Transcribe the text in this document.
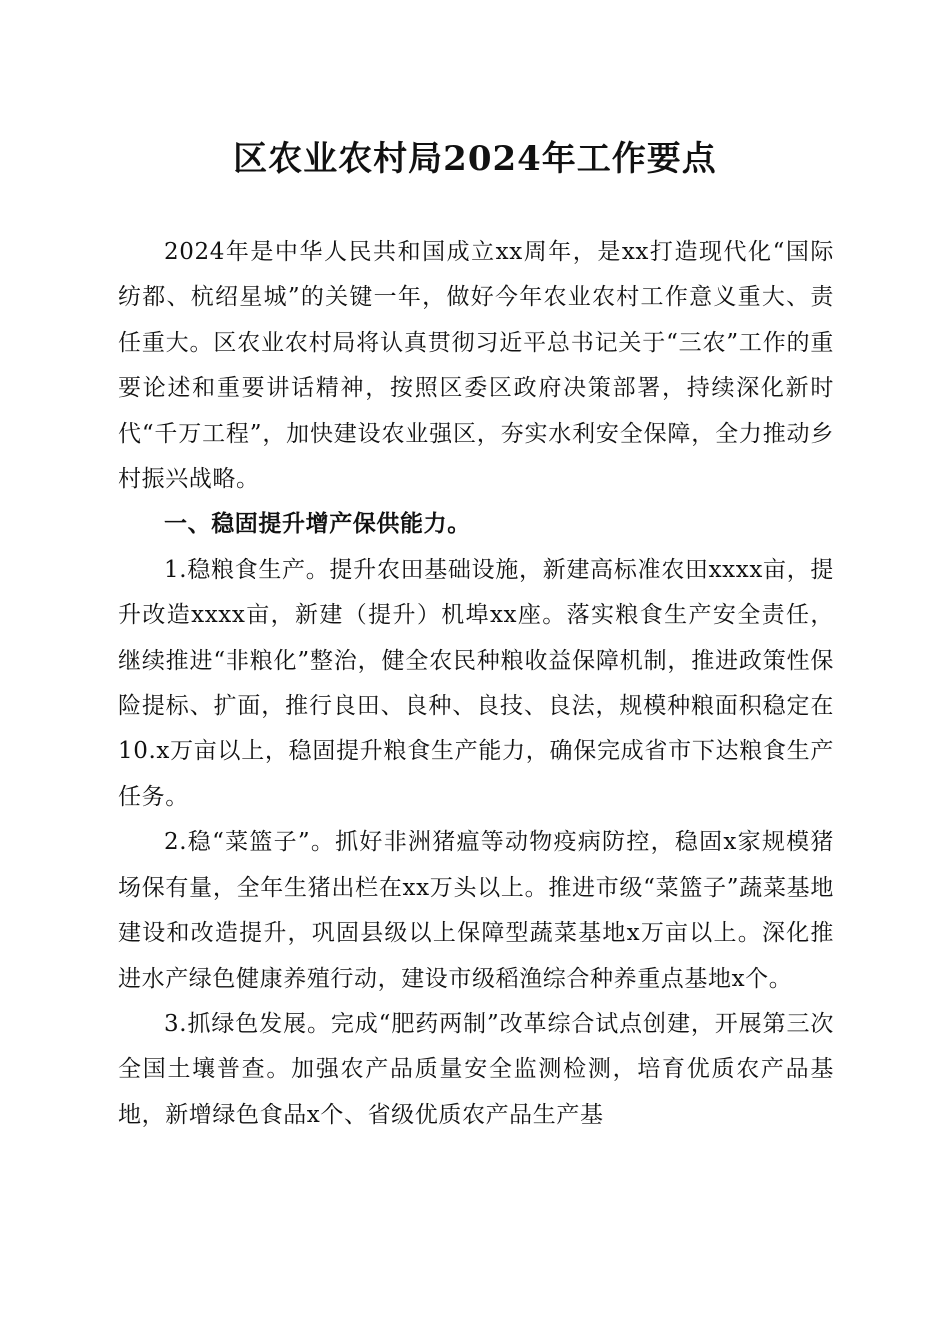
区农业农村局2024年工作要点

2024年是中华人民共和国成立xx周年，是xx打造现代化“国际纺都、杭绍星城”的关键一年，做好今年农业农村工作意义重大、责任重大。区农业农村局将认真贯彻习近平总书记关于“三农”工作的重要论述和重要讲话精神，按照区委区政府决策部署，持续深化新时代“千万工程”，加快建设农业强区，夯实水利安全保障，全力推动乡村振兴战略。

一、稳固提升增产保供能力。

1.稳粮食生产。提升农田基础设施，新建高标准农田xxxx亩，提升改造xxxx亩，新建（提升）机埠xx座。落实粮食生产安全责任，继续推进“非粮化”整治，健全农民种粮收益保障机制，推进政策性保险提标、扩面，推行良田、良种、良技、良法，规模种粮面积稳定在10.x万亩以上，稳固提升粮食生产能力，确保完成省市下达粮食生产任务。

2.稳“菜篮子”。抓好非洲猪瘟等动物疫病防控，稳固x家规模猪场保有量，全年生猪出栏在xx万头以上。推进市级“菜篮子”蔬菜基地建设和改造提升，巩固县级以上保障型蔬菜基地x万亩以上。深化推进水产绿色健康养殖行动，建设市级稻渔综合种养重点基地x个。

3.抓绿色发展。完成“肥药两制”改革综合试点创建，开展第三次全国土壤普查。加强农产品质量安全监测检测，培育优质农产品基地，新增绿色食品x个、省级优质农产品生产基
